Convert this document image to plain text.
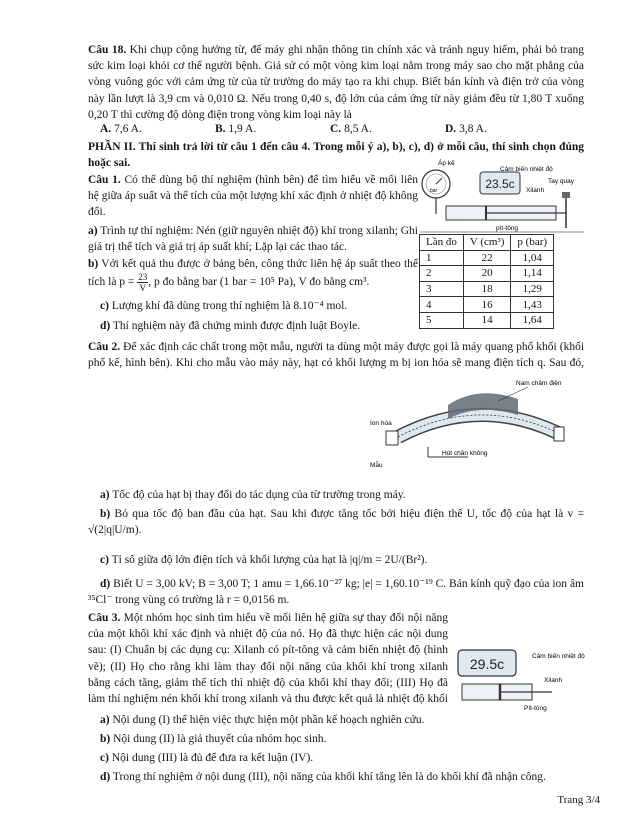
Câu 18. Khi chụp cộng hưởng từ, để máy ghi nhận thông tin chính xác và tránh nguy hiểm, phải bỏ trang sức kim loại khỏi cơ thể người bệnh. Giả sử có một vòng kim loại nằm trong máy sao cho mặt phẳng của vòng vuông góc với cảm ứng từ của từ trường do máy tạo ra khi chụp. Biết bán kính và điện trở của vòng này lần lượt là 3,9 cm và 0,010 Ω. Nếu trong 0,40 s, độ lớn của cảm ứng từ này giảm đều từ 1,80 T xuống 0,20 T thì cường độ dòng điện trong vòng kim loại này là
A. 7,6 A.	B. 1,9 A.	C. 8,5 A.	D. 3,8 A.
PHẦN II. Thí sinh trả lời từ câu 1 đến câu 4. Trong mỗi ý a), b), c), d) ở mỗi câu, thí sinh chọn đúng hoặc sai.
Câu 1. Có thể dùng bộ thí nghiệm (hình bên) để tìm hiểu về mối liên hệ giữa áp suất và thể tích của một lượng khí xác định ở nhiệt độ không đổi.
a) Trình tự thí nghiệm: Nén (giữ nguyên nhiệt độ) khí trong xilanh; Ghi giá trị thể tích và giá trị áp suất khí; Lặp lại các thao tác.
b) Với kết quả thu được ở bảng bên, công thức liên hệ áp suất theo thể tích là $p = \frac{23}{V}$ , p đo bằng bar (1 bar = 10⁵ Pa), V đo bằng cm³.
c) Lượng khí đã dùng trong thí nghiệm là 8.10⁻⁴ mol.
d) Thí nghiệm này đã chứng minh được định luật Boyle.
bar
Áp kế
23.5c
Cảm biến nhiệt độ
Tay quay
Xilanh
pít-tông
Lần đo	V (cm³)	p (bar)
1	22	1,04
2	20	1,14
3	18	1,29
4	16	1,43
5	14	1,64
Câu 2. Để xác định các chất trong một mẫu, người ta dùng một máy được gọi là máy quang phổ khối (khối phổ kế, hình bên). Khi cho mẫu vào máy này, hạt có khối lượng m bị ion hóa sẽ mang điện tích q. Sau đó,
Nam châm điện
Ion hóa
Mẫu
Hút chân không
a) Tốc độ của hạt bị thay đổi do tác dụng của từ trường trong máy.
b) Bỏ qua tốc độ ban đầu của hạt. Sau khi được tăng tốc bởi hiệu điện thế U, tốc độ của hạt là v = √(2|q|U/m).
c) Tỉ số giữa độ lớn điện tích và khối lượng của hạt là |q|/m = 2U/(Br²).
d) Biết U = 3,00 kV; B = 3,00 T; 1 amu = 1,66.10⁻²⁷ kg; |e| = 1,60.10⁻¹⁹ C. Bán kính quỹ đạo của ion âm ³⁵Cl⁻ trong vùng có trường là r = 0,0156 m.
Câu 3. Một nhóm học sinh tìm hiểu về mối liên hệ giữa sự thay đổi nội năng của một khối khí xác định và nhiệt độ của nó. Họ đã thực hiện các nội dung sau: (I) Chuẩn bị các dụng cụ: Xilanh có pít-tông và cảm biến nhiệt độ (hình vẽ); (II) Họ cho rằng khi làm thay đổi nội năng của khối khí trong xilanh bằng cách tăng, giảm thể tích thì nhiệt độ của khối khí thay đổi; (III) Họ đã làm thí nghiệm nén khối khí trong xilanh và thu được kết quả là nhiệt độ khối
29.5c	Cảm biến nhiệt độ
Xilanh
Pít-tông
a) Nội dung (I) thể hiện việc thực hiện một phần kế hoạch nghiên cứu.
b) Nội dung (II) là giả thuyết của nhóm học sinh.
c) Nội dung (III) là đủ để đưa ra kết luận (IV).
d) Trong thí nghiệm ở nội dung (III), nội năng của khối khí tăng lên là do khối khí đã nhận công.
Trang 3/4
